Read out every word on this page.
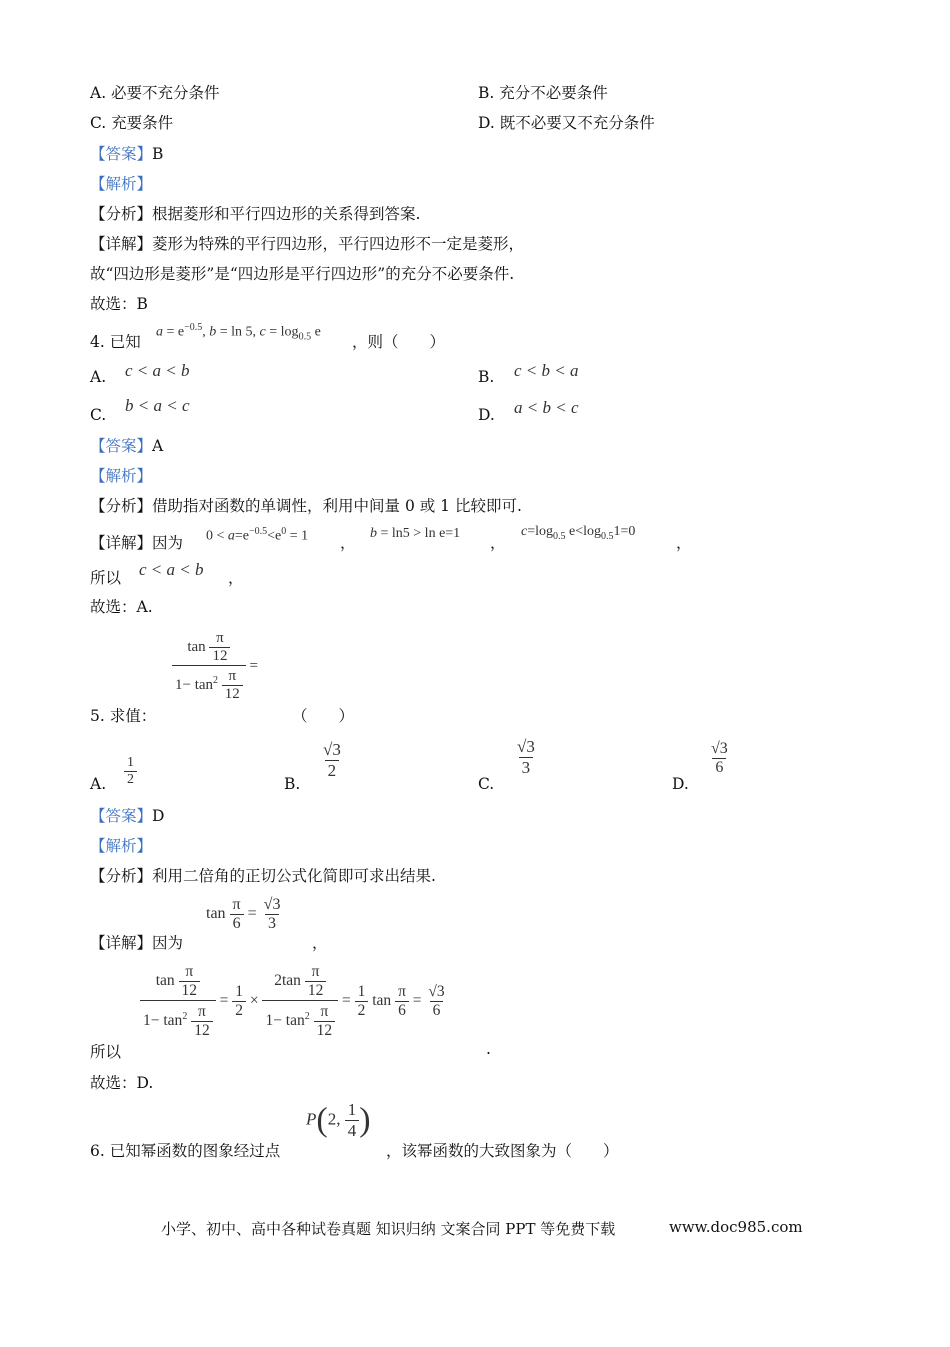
A. 必要不充分条件	B. 充分不必要条件
C. 充要条件	D. 既不必要又不充分条件
【答案】B
【解析】
【分析】根据菱形和平行四边形的关系得到答案.
【详解】菱形为特殊的平行四边形，平行四边形不一定是菱形，
故“四边形是菱形”是“四边形是平行四边形”的充分不必要条件.
故选：B
4. 已知
$a = e^{-0.5}$, b = ln 5, $c = \log_{0.5} e$
，则（　　）
A. c < a < b	B. c < b < a
C. b < a < c	D. a < b < c
【答案】A
【解析】
【分析】借助指对函数的单调性，利用中间量 0 或 1 比较即可.
【详解】因为 $0 < a=e^{-0.5}<e^0 = 1$ ，
b = ln5 > ln e=1
，
$c=\log_{0.5}$ $e<\log_{0.5}1=0$
，
所以 c < a < b ，
故选：A.
$\frac{\tan \frac{\pi}{12}}{1- \tan^2 \frac{\pi}{12}}$ =
5. 求值：	（　　）
A. $\frac{1}{2}$	B.
$\frac{√3}{2}$
C.
$\frac{√3}{3}$
D.
$\frac{√3}{6}$
【答案】D
【解析】
【分析】利用二倍角的正切公式化简即可求出结果.
【详解】因为
$\tan \frac{\pi}{6} = \frac{√3}{3}$
，
$\frac{\tan \frac{\pi}{12}}{1- \tan^2 \frac{\pi}{12}} = \frac{1}{2} \times \frac{2\tan \frac{\pi}{12}}{1- \tan^2 \frac{\pi}{12}} = \frac{1}{2}$ $\tan \frac{\pi}{6} = \frac{√3}{6}$
所以	.
故选：D.
6. 已知幂函数的图象经过点
P(2, $\frac{1}{4}$ )
，该幂函数的大致图象为（　　）
小学、初中、高中各种试卷真题 知识归纳 文案合同 PPT 等免费下载	www.doc985.com
